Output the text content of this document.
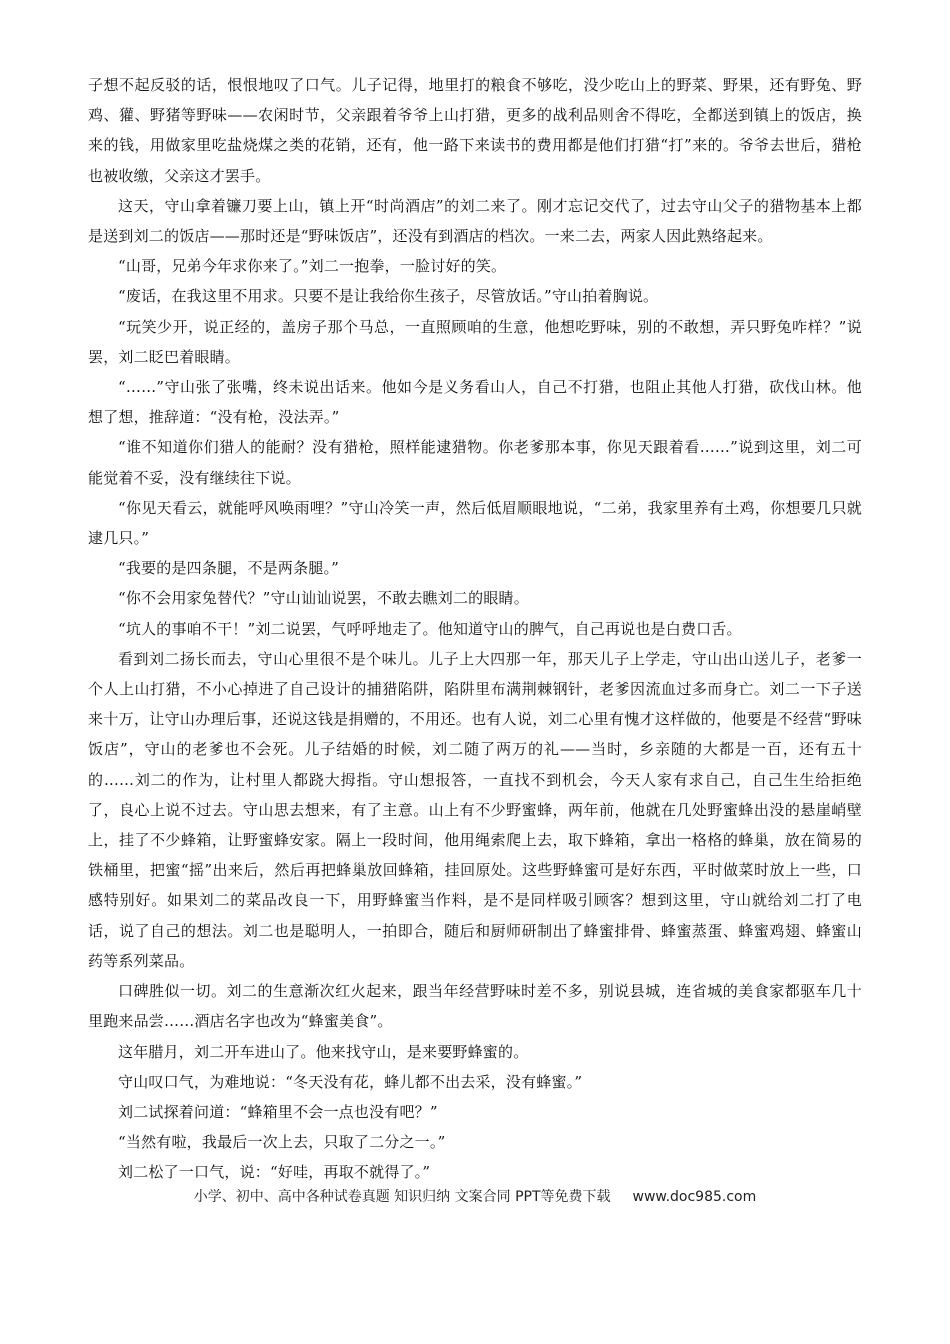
子想不起反驳的话，恨恨地叹了口气。儿子记得，地里打的粮食不够吃，没少吃山上的野菜、野果，还有野兔、野鸡、獾、野猪等野味——农闲时节，父亲跟着爷爷上山打猎，更多的战利品则舍不得吃，全都送到镇上的饭店，换来的钱，用做家里吃盐烧煤之类的花销，还有，他一路下来读书的费用都是他们打猎“打”来的。爷爷去世后，猎枪也被收缴，父亲这才罢手。

这天，守山拿着镰刀要上山，镇上开“时尚酒店”的刘二来了。刚才忘记交代了，过去守山父子的猎物基本上都是送到刘二的饭店——那时还是“野味饭店”，还没有到酒店的档次。一来二去，两家人因此熟络起来。

“山哥，兄弟今年求你来了。”刘二一抱拳，一脸讨好的笑。

“废话，在我这里不用求。只要不是让我给你生孩子，尽管放话。”守山拍着胸说。

“玩笑少开，说正经的，盖房子那个马总，一直照顾咱的生意，他想吃野味，别的不敢想，弄只野兔咋样？”说罢，刘二眨巴着眼睛。

“……”守山张了张嘴，终未说出话来。他如今是义务看山人，自己不打猎，也阻止其他人打猎，砍伐山林。他想了想，推辞道：“没有枪，没法弄。”

“谁不知道你们猎人的能耐？没有猎枪，照样能逮猎物。你老爹那本事，你见天跟着看……”说到这里，刘二可能觉着不妥，没有继续往下说。

“你见天看云，就能呼风唤雨哩？”守山冷笑一声，然后低眉顺眼地说，“二弟，我家里养有土鸡，你想要几只就逮几只。”

“我要的是四条腿，不是两条腿。”

“你不会用家兔替代？”守山讪讪说罢，不敢去瞧刘二的眼睛。

“坑人的事咱不干！”刘二说罢，气呼呼地走了。他知道守山的脾气，自己再说也是白费口舌。

看到刘二扬长而去，守山心里很不是个味儿。儿子上大四那一年，那天儿子上学走，守山出山送儿子，老爹一个人上山打猎，不小心掉进了自己设计的捕猎陷阱，陷阱里布满荆棘钢针，老爹因流血过多而身亡。刘二一下子送来十万，让守山办理后事，还说这钱是捐赠的，不用还。也有人说，刘二心里有愧才这样做的，他要是不经营“野味饭店”，守山的老爹也不会死。儿子结婚的时候，刘二随了两万的礼——当时，乡亲随的大都是一百，还有五十的……刘二的作为，让村里人都跷大拇指。守山想报答，一直找不到机会，今天人家有求自己，自己生生给拒绝了，良心上说不过去。守山思去想来，有了主意。山上有不少野蜜蜂，两年前，他就在几处野蜜蜂出没的悬崖峭壁上，挂了不少蜂箱，让野蜜蜂安家。隔上一段时间，他用绳索爬上去，取下蜂箱，拿出一格格的蜂巢，放在简易的铁桶里，把蜜“摇”出来后，然后再把蜂巢放回蜂箱，挂回原处。这些野蜂蜜可是好东西，平时做菜时放上一些，口感特别好。如果刘二的菜品改良一下，用野蜂蜜当作料，是不是同样吸引顾客？想到这里，守山就给刘二打了电话，说了自己的想法。刘二也是聪明人，一拍即合，随后和厨师研制出了蜂蜜排骨、蜂蜜蒸蛋、蜂蜜鸡翅、蜂蜜山药等系列菜品。

口碑胜似一切。刘二的生意渐次红火起来，跟当年经营野味时差不多，别说县城，连省城的美食家都驱车几十里跑来品尝……酒店名字也改为“蜂蜜美食”。

这年腊月，刘二开车进山了。他来找守山，是来要野蜂蜜的。

守山叹口气，为难地说：“冬天没有花，蜂儿都不出去采，没有蜂蜜。”

刘二试探着问道：“蜂箱里不会一点也没有吧？”

“当然有啦，我最后一次上去，只取了二分之一。”

刘二松了一口气，说：“好哇，再取不就得了。”

小学、初中、高中各种试卷真题 知识归纳 文案合同 PPT等免费下载 www.doc985.com
